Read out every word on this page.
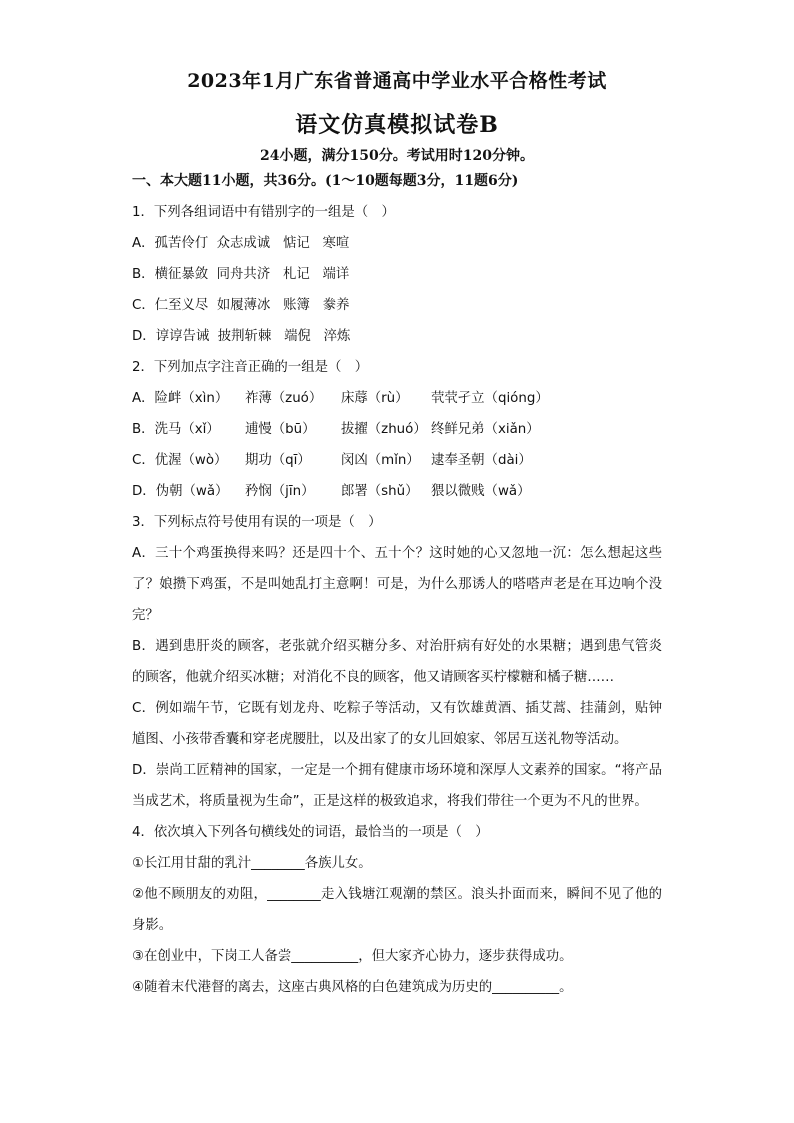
2023年1月广东省普通高中学业水平合格性考试
语文仿真模拟试卷B
24小题，满分150分。考试用时120分钟。
一、本大题11小题，共36分。(1～10题每题3分，11题6分)
1．下列各组词语中有错别字的一组是（　）
A．孤苦伶仃  众志成诚   惦记   寒喧
B．横征暴敛  同舟共济   札记   端详
C．仁至义尽  如履薄冰   账簿   豢养
D．谆谆告诫  披荆斩棘   端倪   淬炼
2．下列加点字注音正确的一组是（　）
A．险衅（xìn） 祚薄（zuó） 床蓐（rù） 茕茕孑立（qióng）
B．洗马（xǐ） 逋慢（bū） 拔擢（zhuó） 终鲜兄弟（xiǎn）
C．优渥（wò） 期功（qī） 闵凶（mǐn） 逮奉圣朝（dài）
D．伪朝（wǎ） 矜悯（jīn） 郎署（shǔ） 猥以微贱（wǎ）
3．下列标点符号使用有误的一项是（　）
A．三十个鸡蛋换得来吗？还是四十个、五十个？这时她的心又忽地一沉：怎么想起这些了？娘攒下鸡蛋，不是叫她乱打主意啊！可是，为什么那诱人的嗒嗒声老是在耳边响个没完？
B．遇到患肝炎的顾客，老张就介绍买糖分多、对治肝病有好处的水果糖；遇到患气管炎的顾客，他就介绍买冰糖；对消化不良的顾客，他又请顾客买柠檬糖和橘子糖……
C．例如端午节，它既有划龙舟、吃粽子等活动，又有饮雄黄酒、插艾蒿、挂蒲剑，贴钟馗图、小孩带香囊和穿老虎腰肚，以及出家了的女儿回娘家、邻居互送礼物等活动。
D．崇尚工匠精神的国家，一定是一个拥有健康市场环境和深厚人文素养的国家。“将产品当成艺术，将质量视为生命”，正是这样的极致追求，将我们带往一个更为不凡的世界。
4．依次填入下列各句横线处的词语，最恰当的一项是（　）
①长江用甘甜的乳汁________各族儿女。
②他不顾朋友的劝阻，________走入钱塘江观潮的禁区。浪头扑面而来，瞬间不见了他的身影。
③在创业中，下岗工人备尝__________，但大家齐心协力，逐步获得成功。
④随着末代港督的离去，这座古典风格的白色建筑成为历史的__________。
